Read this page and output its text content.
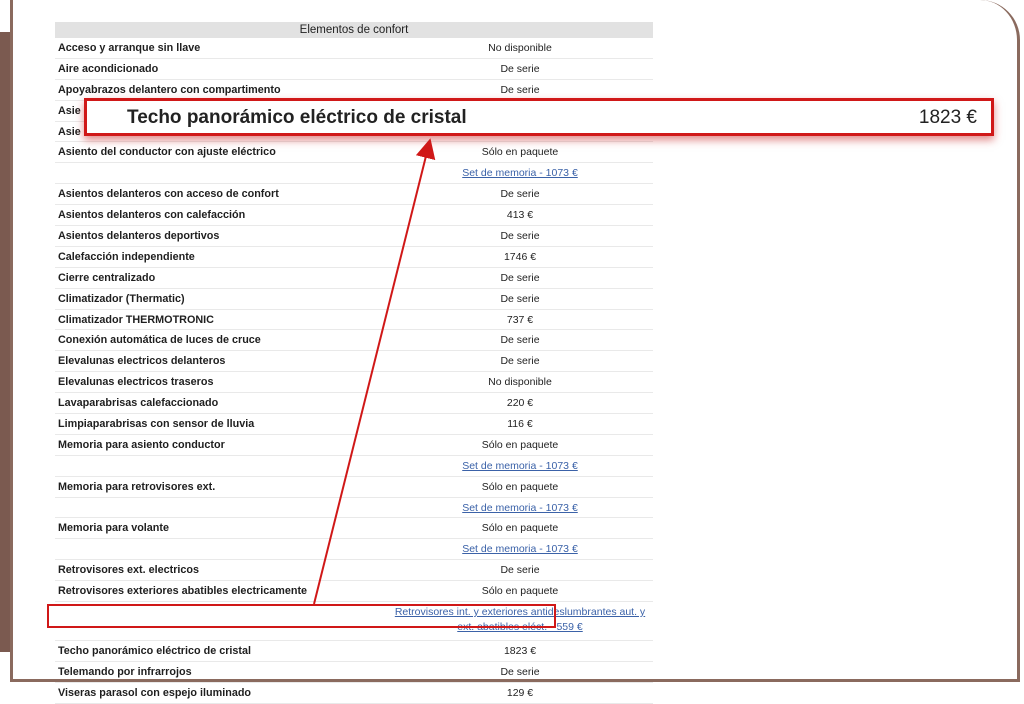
Elementos de confort
Acceso y arranque sin llave	No disponible
Aire acondicionado	De serie
Apoyabrazos delantero con compartimento	De serie
Asie
Asie
Asiento del conductor con ajuste eléctrico	Sólo en paquete
Set de memoria - 1073 €
Asientos delanteros con acceso de confort	De serie
Asientos delanteros con calefacción	413 €
Asientos delanteros deportivos	De serie
Calefacción independiente	1746 €
Cierre centralizado	De serie
Climatizador (Thermatic)	De serie
Climatizador THERMOTRONIC	737 €
Conexión automática de luces de cruce	De serie
Elevalunas electricos delanteros	De serie
Elevalunas electricos traseros	No disponible
Lavaparabrisas calefaccionado	220 €
Limpiaparabrisas con sensor de lluvia	116 €
Memoria para asiento conductor	Sólo en paquete
Set de memoria - 1073 €
Memoria para retrovisores ext.	Sólo en paquete
Set de memoria - 1073 €
Memoria para volante	Sólo en paquete
Set de memoria - 1073 €
Retrovisores ext. electricos	De serie
Retrovisores exteriores abatibles electricamente	Sólo en paquete
Retrovisores int. y exteriores antideslumbrantes aut. y ext. abatibles eléct. - 559 €
Techo panorámico eléctrico de cristal	1823 €
Telemando por infrarrojos	De serie
Viseras parasol con espejo iluminado	129 €
Techo panorámico eléctrico de cristal	1823 €
